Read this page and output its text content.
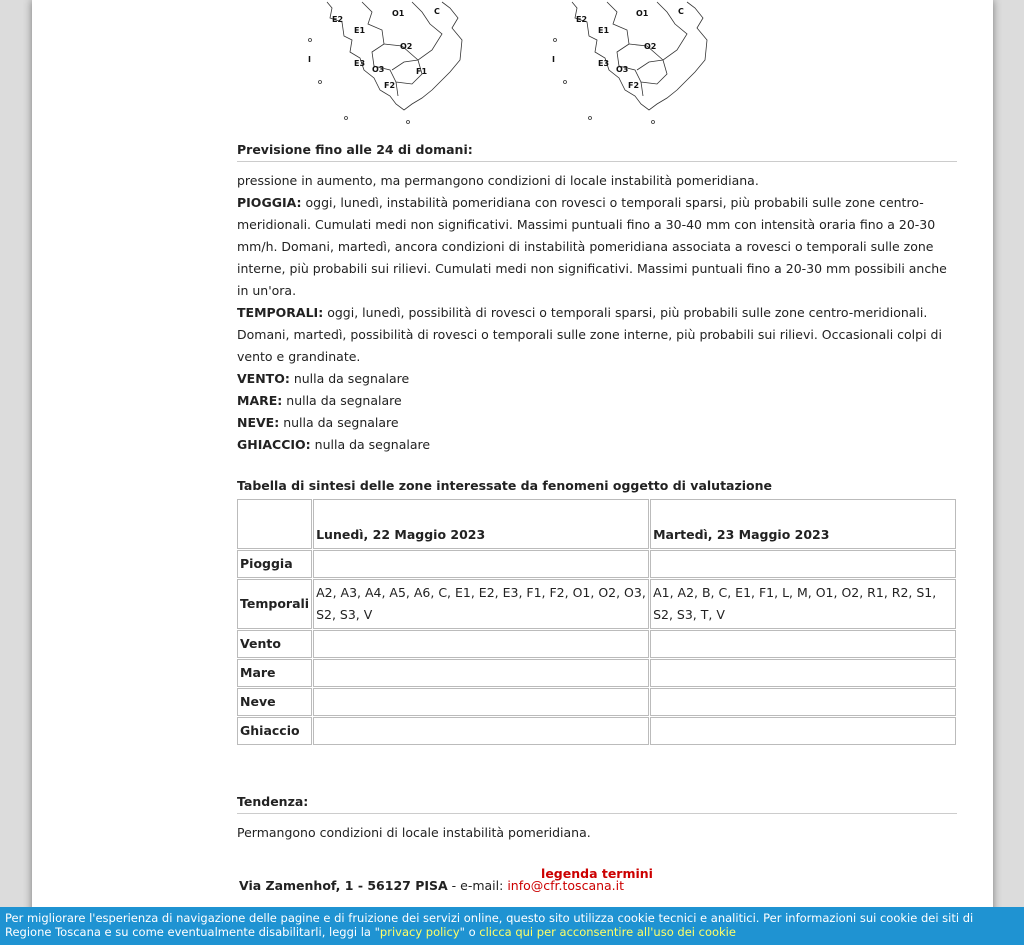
E2
O1	C
E1
O2
I	E3
O3	F1
F2
E2
O1	C
E1
O2
I	E3
O3
F2
Previsione fino alle 24 di domani:
pressione in aumento, ma permangono condizioni di locale instabilità pomeridiana.
PIOGGIA: oggi, lunedì, instabilità pomeridiana con rovesci o temporali sparsi, più probabili sulle zone centro-meridionali. Cumulati medi non significativi. Massimi puntuali fino a 30-40 mm con intensità oraria fino a 20-30 mm/h. Domani, martedì, ancora condizioni di instabilità pomeridiana associata a rovesci o temporali sulle zone interne, più probabili sui rilievi. Cumulati medi non significativi. Massimi puntuali fino a 20-30 mm possibili anche in un'ora.
TEMPORALI: oggi, lunedì, possibilità di rovesci o temporali sparsi, più probabili sulle zone centro-meridionali. Domani, martedì, possibilità di rovesci o temporali sulle zone interne, più probabili sui rilievi. Occasionali colpi di vento e grandinate.
VENTO: nulla da segnalare
MARE: nulla da segnalare
NEVE: nulla da segnalare
GHIACCIO: nulla da segnalare
Tabella di sintesi delle zone interessate da fenomeni oggetto di valutazione
	Lunedì, 22 Maggio 2023	Martedì, 23 Maggio 2023
Pioggia		
Temporali	A2, A3, A4, A5, A6, C, E1, E2, E3, F1, F2, O1, O2, O3, S2, S3, V	A1, A2, B, C, E1, F1, L, M, O1, O2, R1, R2, S1, S2, S3, T, V
Vento		
Mare		
Neve		
Ghiaccio		
Tendenza:
Permangono condizioni di locale instabilità pomeridiana.
legenda termini
Via Zamenhof, 1 - 56127 PISA - e-mail: info@cfr.toscana.it
Per migliorare l'esperienza di navigazione delle pagine e di fruizione dei servizi online, questo sito utilizza cookie tecnici e analitici. Per informazioni sui cookie dei siti di Regione Toscana e su come eventualmente disabilitarli, leggi la "privacy policy" o clicca qui per acconsentire all'uso dei cookie
